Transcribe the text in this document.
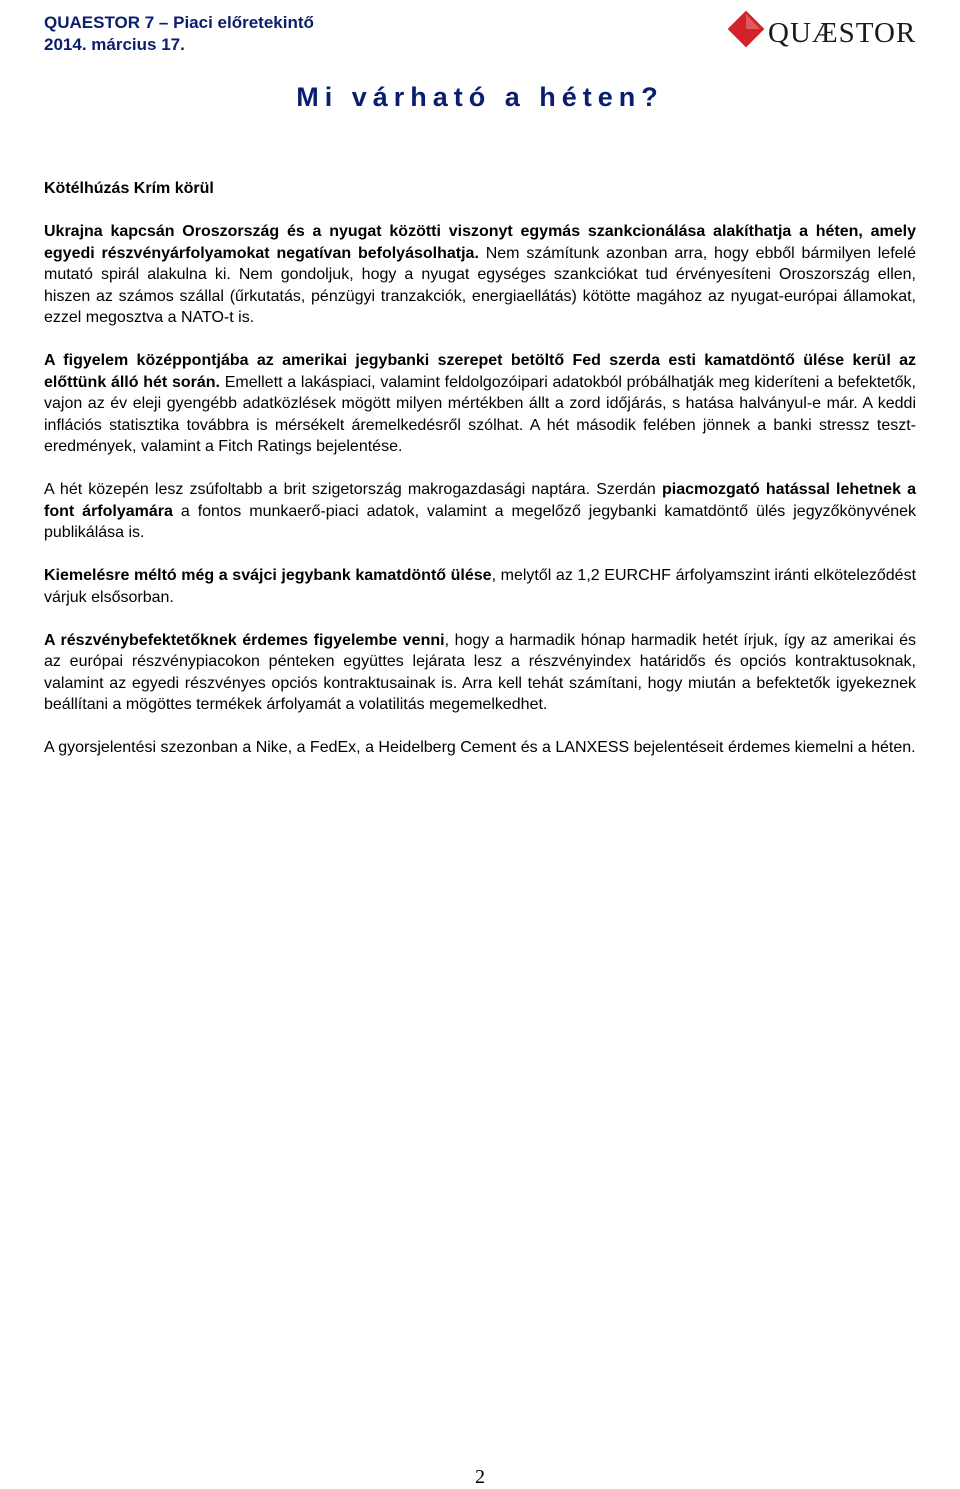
QUAESTOR 7 – Piaci előretekintő
2014. március 17.	QUÆSTOR
Mi várható a héten?

Kötélhúzás Krím körül

Ukrajna kapcsán Oroszország és a nyugat közötti viszonyt egymás szankcionálása alakíthatja a héten, amely egyedi részvényárfolyamokat negatívan befolyásolhatja. Nem számítunk azonban arra, hogy ebből bármilyen lefelé mutató spirál alakulna ki. Nem gondoljuk, hogy a nyugat egységes szankciókat tud érvényesíteni Oroszország ellen, hiszen az számos szállal (űrkutatás, pénzügyi tranzakciók, energiaellátás) kötötte magához az nyugat-európai államokat, ezzel megosztva a NATO-t is.

A figyelem középpontjába az amerikai jegybanki szerepet betöltő Fed szerda esti kamatdöntő ülése kerül az előttünk álló hét során. Emellett a lakáspiaci, valamint feldolgozóipari adatokból próbálhatják meg kideríteni a befektetők, vajon az év eleji gyengébb adatközlések mögött milyen mértékben állt a zord időjárás, s hatása halványul-e már. A keddi inflációs statisztika továbbra is mérsékelt áremelkedésről szólhat. A hét második felében jönnek a banki stressz teszt-eredmények, valamint a Fitch Ratings bejelentése.

A hét közepén lesz zsúfoltabb a brit szigetország makrogazdasági naptára. Szerdán piacmozgató hatással lehetnek a font árfolyamára a fontos munkaerő-piaci adatok, valamint a megelőző jegybanki kamatdöntő ülés jegyzőkönyvének publikálása is.

Kiemelésre méltó még a svájci jegybank kamatdöntő ülése, melytől az 1,2 EURCHF árfolyamszint iránti elköteleződést várjuk elsősorban.

A részvénybefektetőknek érdemes figyelembe venni, hogy a harmadik hónap harmadik hetét írjuk, így az amerikai és az európai részvénypiacokon pénteken együttes lejárata lesz a részvényindex határidős és opciós kontraktusoknak, valamint az egyedi részvényes opciós kontraktusainak is. Arra kell tehát számítani, hogy miután a befektetők igyekeznek beállítani a mögöttes termékek árfolyamát a volatilitás megemelkedhet.

A gyorsjelentési szezonban a Nike, a FedEx, a Heidelberg Cement és a LANXESS bejelentéseit érdemes kiemelni a héten.

2
